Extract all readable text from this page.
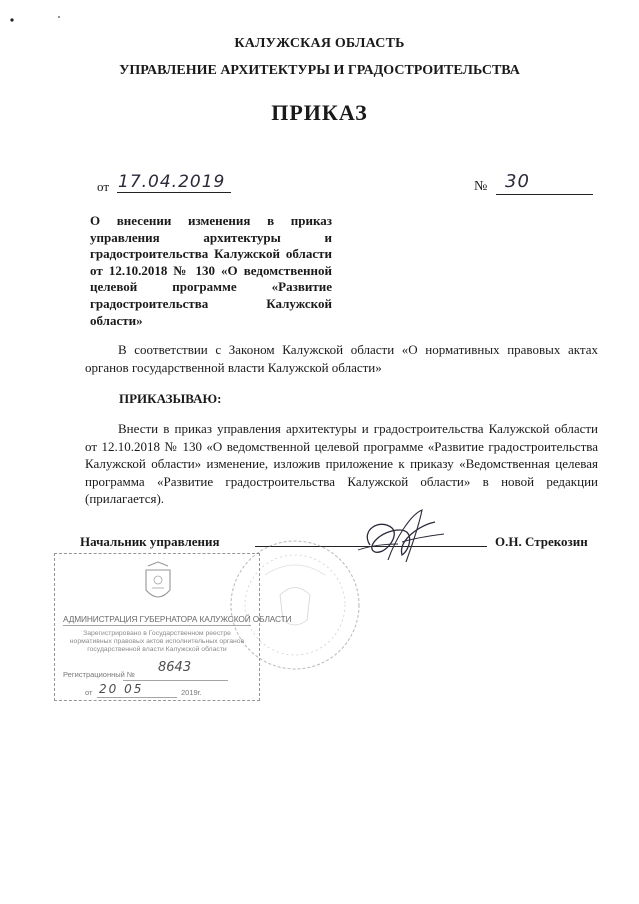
КАЛУЖСКАЯ ОБЛАСТЬ
УПРАВЛЕНИЕ АРХИТЕКТУРЫ И ГРАДОСТРОИТЕЛЬСТВА
ПРИКАЗ
от 17.04.2019	№ 30
О внесении изменения в приказ управления архитектуры и градостроительства Калужской области от 12.10.2018 № 130 «О ведомственной целевой программе «Развитие градостроительства Калужской области»
В соответствии с Законом Калужской области «О нормативных правовых актах органов государственной власти Калужской области»
ПРИКАЗЫВАЮ:
Внести в приказ управления архитектуры и градостроительства Калужской области от 12.10.2018 № 130 «О ведомственной целевой программе «Развитие градостроительства Калужской области» изменение, изложив приложение к приказу «Ведомственная целевая программа «Развитие градостроительства Калужской области» в новой редакции (прилагается).
Начальник управления	О.Н. Стрекозин
АДМИНИСТРАЦИЯ ГУБЕРНАТОРА КАЛУЖСКОЙ ОБЛАСТИ
Зарегистрировано в Государственном реестре нормативных правовых актов исполнительных органов государственной власти Калужской области
Регистрационный № 8643
от 20 05	2019г.
